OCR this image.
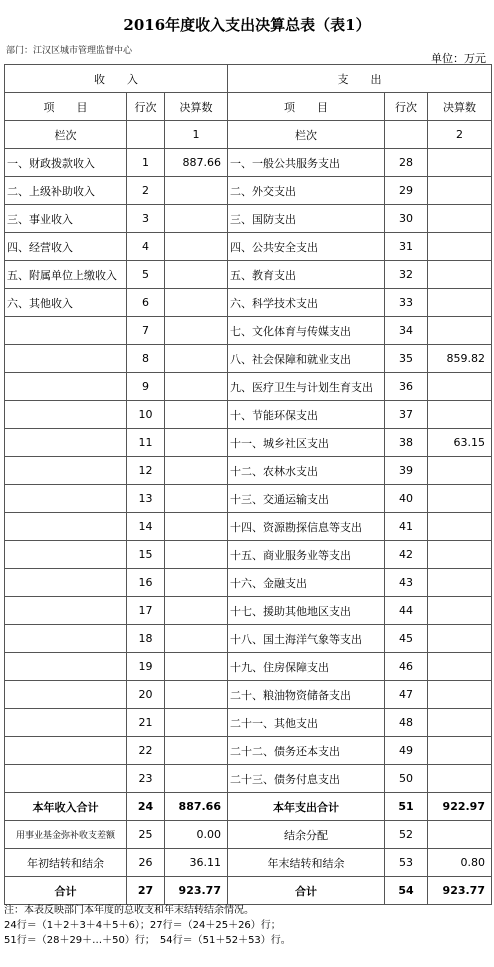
2016年度收入支出决算总表（表1）
部门：江汉区城市管理监督中心
单位：万元
收　　入			支　　出		
项　　目	行次	决算数	项　　目	行次	决算数
栏次		1	栏次		2
一、财政拨款收入	1	887.66	一、一般公共服务支出	28	
二、上级补助收入	2		二、外交支出	29	
三、事业收入	3		三、国防支出	30	
四、经营收入	4		四、公共安全支出	31	
五、附属单位上缴收入	5		五、教育支出	32	
六、其他收入	6		六、科学技术支出	33	
	7		七、文化体育与传媒支出	34	
	8		八、社会保障和就业支出	35	859.82
	9		九、医疗卫生与计划生育支出	36	
	10		十、节能环保支出	37	
	11		十一、城乡社区支出	38	63.15
	12		十二、农林水支出	39	
	13		十三、交通运输支出	40	
	14		十四、资源勘探信息等支出	41	
	15		十五、商业服务业等支出	42	
	16		十六、金融支出	43	
	17		十七、援助其他地区支出	44	
	18		十八、国土海洋气象等支出	45	
	19		十九、住房保障支出	46	
	20		二十、粮油物资储备支出	47	
	21		二十一、其他支出	48	
	22		二十二、债务还本支出	49	
	23		二十三、债务付息支出	50	
本年收入合计	24	887.66	本年支出合计	51	922.97
用事业基金弥补收支差额	25	0.00	结余分配	52	
年初结转和结余	26	36.11	年末结转和结余	53	0.80
合计	27	923.77	合计	54	923.77
注：本表反映部门本年度的总收支和年末结转结余情况。
24行＝（1＋2＋3＋4＋5＋6）；27行＝（24＋25＋26）行；
51行＝（28＋29＋…＋50）行；　54行＝（51＋52＋53）行。
